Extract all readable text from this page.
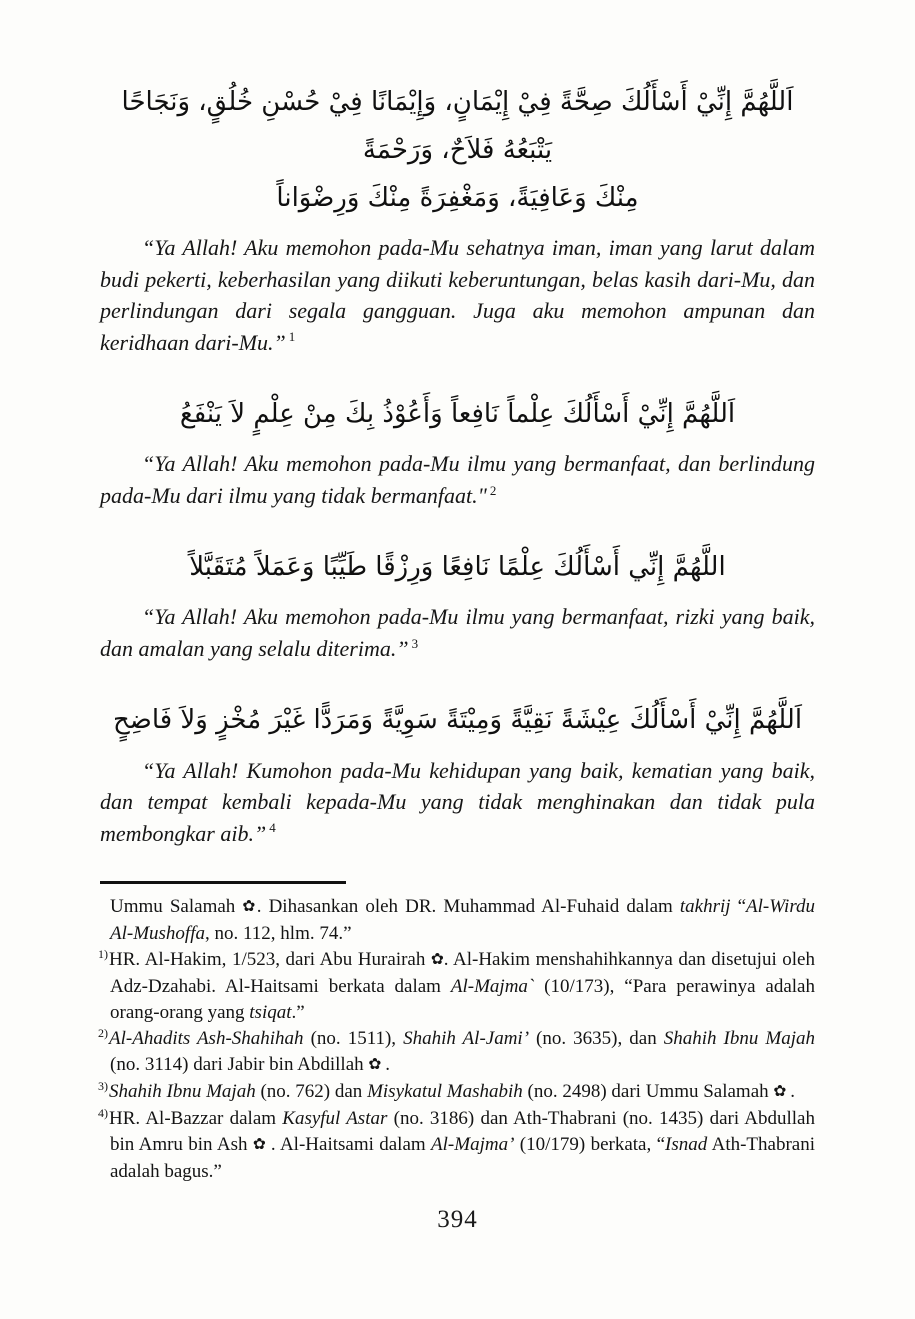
اَللَّهُمَّ إِنِّيْ أَسْأَلُكَ صِحَّةً فِيْ إِيْمَانٍ، وَإِيْمَانًا فِيْ حُسْنِ خُلُقٍ، وَنَجَاحًا يَتْبَعُهُ فَلاَحٌ، وَرَحْمَةً
مِنْكَ وَعَافِيَةً، وَمَغْفِرَةً مِنْكَ وَرِضْوَاناً

“Ya Allah! Aku memohon pada-Mu sehatnya iman, iman yang larut dalam budi pekerti, keberhasilan yang diikuti keberuntungan, belas kasih dari-Mu, dan perlindungan dari segala gangguan. Juga aku memohon ampunan dan keridhaan dari-Mu.” $^1$

اَللَّهُمَّ إِنِّيْ أَسْأَلُكَ عِلْماً نَافِعاً وَأَعُوْذُ بِكَ مِنْ عِلْمٍ لاَ يَنْفَعُ

“Ya Allah! Aku memohon pada-Mu ilmu yang bermanfaat, dan berlindung pada-Mu dari ilmu yang tidak bermanfaat." $^2$

اللَّهُمَّ إِنِّي أَسْأَلُكَ عِلْمًا نَافِعًا وَرِزْقًا طَيِّبًا وَعَمَلاً مُتَقَبَّلاً

“Ya Allah! Aku memohon pada-Mu ilmu yang bermanfaat, rizki yang baik, dan amalan yang selalu diterima.” $^3$

اَللَّهُمَّ إِنِّيْ أَسْأَلُكَ عِيْشَةً نَقِيَّةً وَمِيْتَةً سَوِيَّةً وَمَرَدًّا غَيْرَ مُخْزٍ وَلاَ فَاضِحٍ

“Ya Allah! Kumohon pada-Mu kehidupan yang baik, kematian yang baik, dan tempat kembali kepada-Mu yang tidak menghinakan dan tidak pula membongkar aib.” $^4$

Ummu Salamah ✿. Dihasankan oleh DR. Muhammad Al-Fuhaid dalam takhrij “Al-Wirdu Al-Mushoffa, no. 112, hlm. 74.”

$^{1)}$HR. Al-Hakim, 1/523, dari Abu Hurairah ✿. Al-Hakim menshahihkannya dan disetujui oleh Adz-Dzahabi. Al-Haitsami berkata dalam Al-Majma` (10/173), “Para perawinya adalah orang-orang yang tsiqat.”

$^{2)}$Al-Ahadits Ash-Shahihah (no. 1511), Shahih Al-Jami’ (no. 3635), dan Shahih Ibnu Majah (no. 3114) dari Jabir bin Abdillah ✿ .

$^{3)}$Shahih Ibnu Majah (no. 762) dan Misykatul Mashabih (no. 2498) dari Ummu Salamah ✿ .

$^{4)}$HR. Al-Bazzar dalam Kasyful Astar (no. 3186) dan Ath-Thabrani (no. 1435) dari Abdullah bin Amru bin Ash ✿ . Al-Haitsami dalam Al-Majma’ (10/179) berkata, “Isnad Ath-Thabrani adalah bagus.”

394
